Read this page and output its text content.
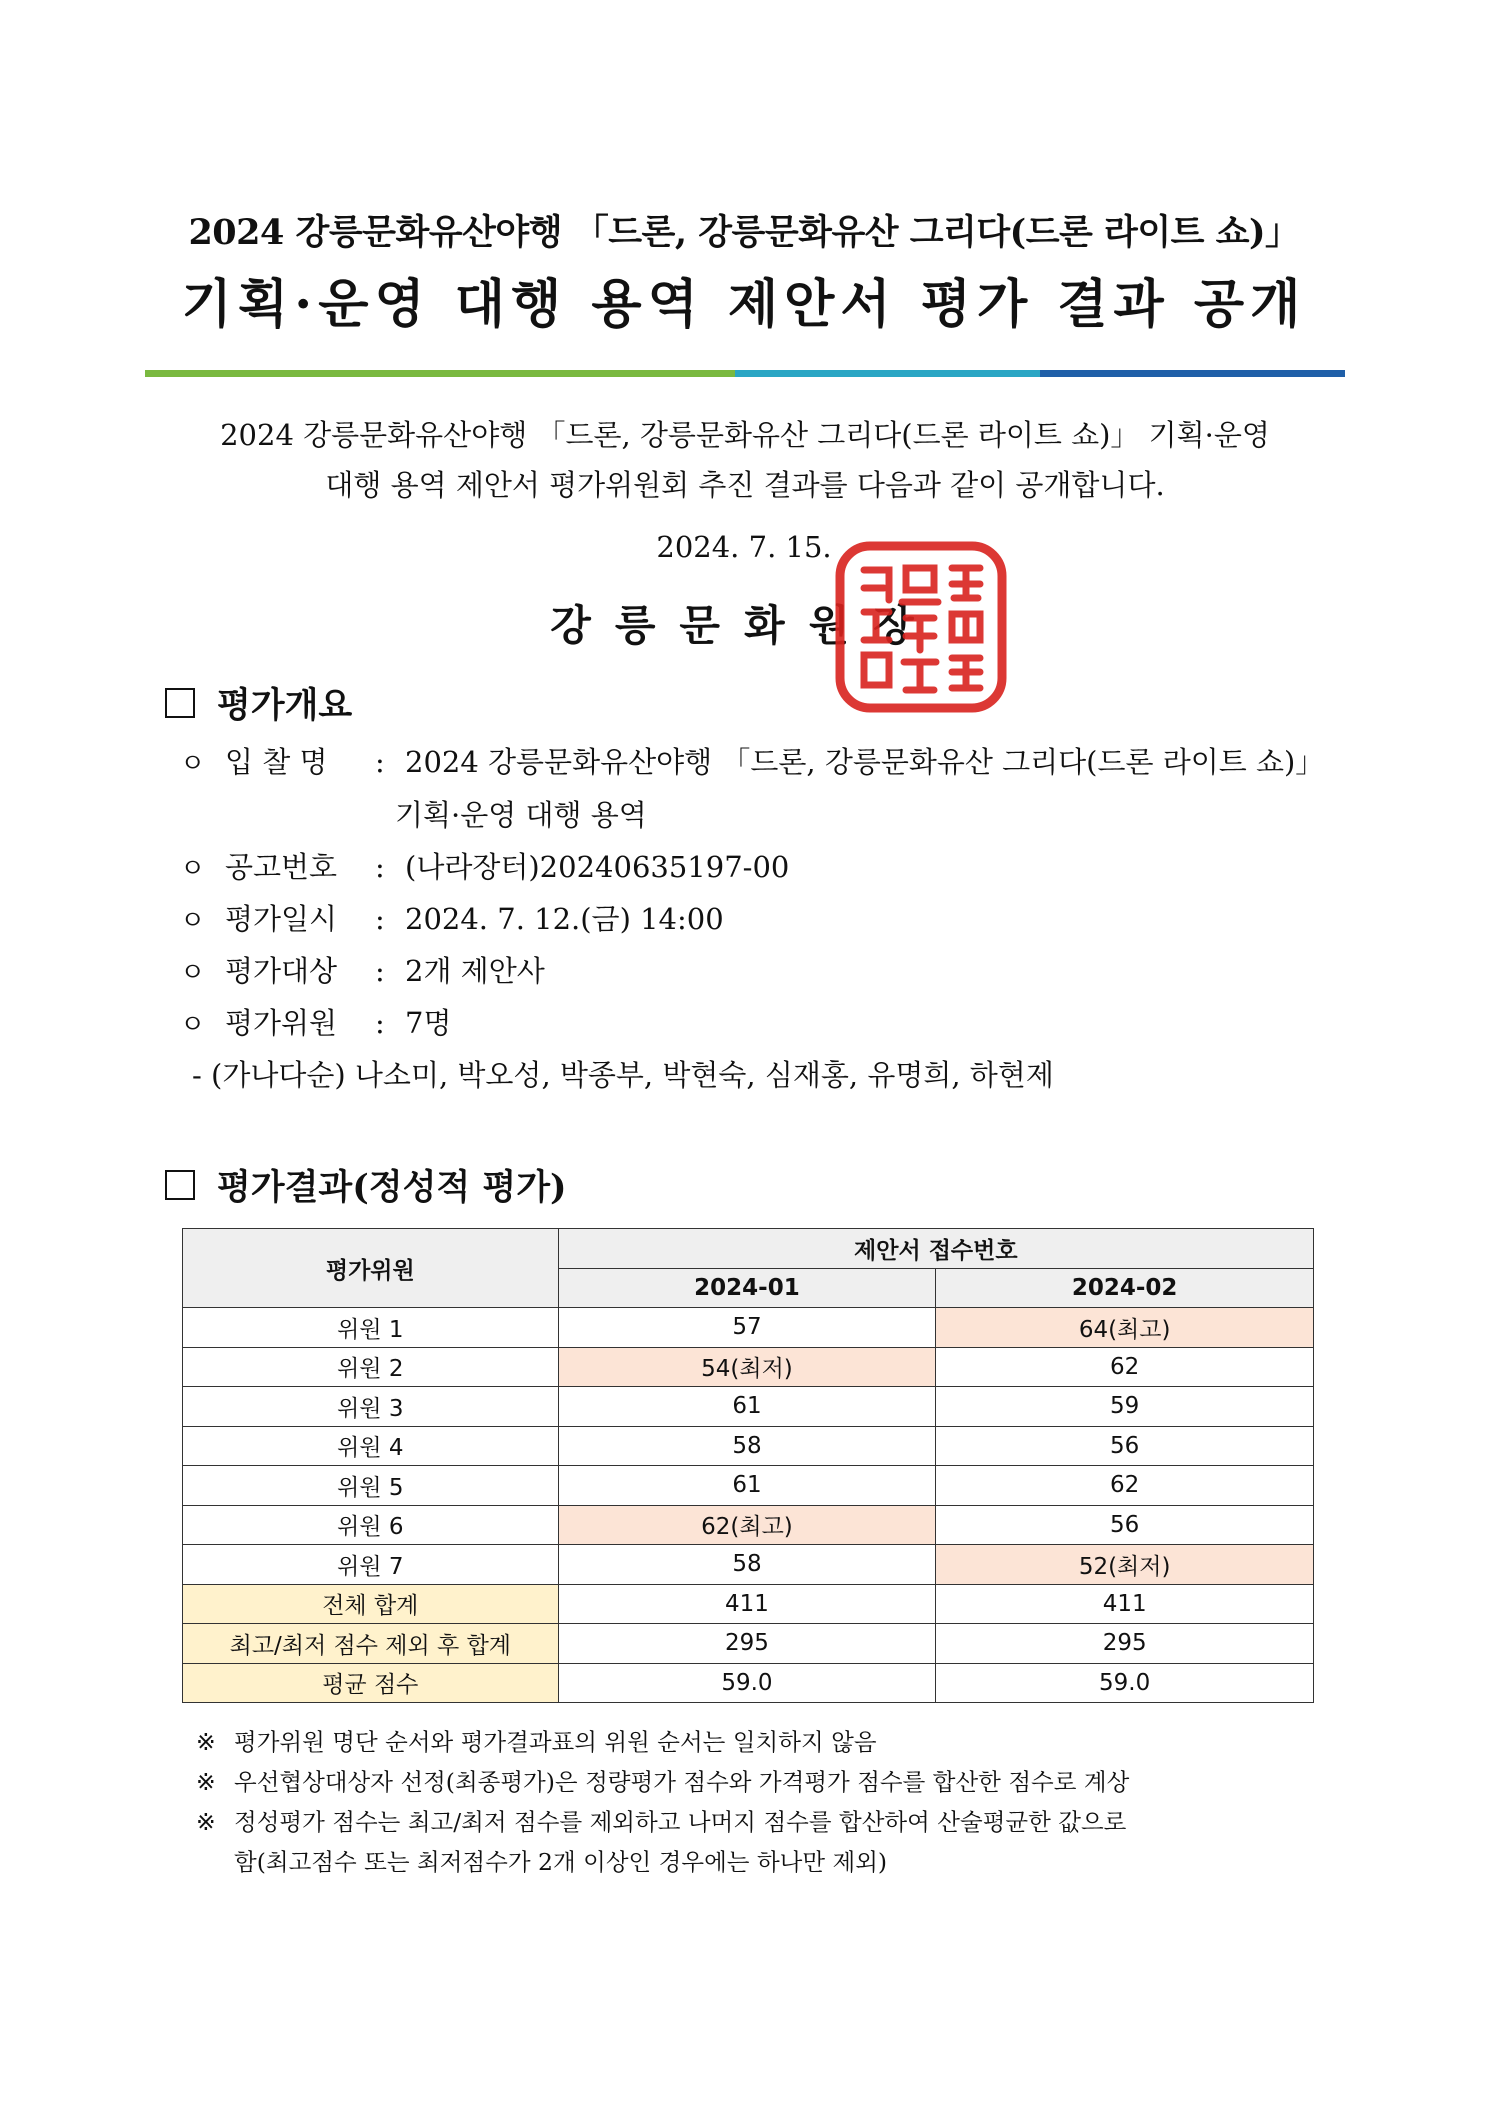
2024 강릉문화유산야행 「드론, 강릉문화유산 그리다(드론 라이트 쇼)」
기획·운영 대행 용역 제안서 평가 결과 공개
2024 강릉문화유산야행 「드론, 강릉문화유산 그리다(드론 라이트 쇼)」 기획·운영
대행 용역 제안서 평가위원회 추진 결과를 다음과 같이 공개합니다.
2024. 7. 15.
강릉문화원장
평가개요
ㅇ 입 찰 명	: 2024 강릉문화유산야행 「드론, 강릉문화유산 그리다(드론 라이트 쇼)」
기획·운영 대행 용역
ㅇ 공고번호	: (나라장터)20240635197-00
ㅇ 평가일시	: 2024. 7. 12.(금) 14:00
ㅇ 평가대상	: 2개 제안사
ㅇ 평가위원	: 7명
- (가나다순) 나소미, 박오성, 박종부, 박현숙, 심재홍, 유명희, 하현제
평가결과(정성적 평가)
평가위원	제안서 접수번호	
	2024-01	2024-02
위원 1	57	64(최고)
위원 2	54(최저)	62
위원 3	61	59
위원 4	58	56
위원 5	61	62
위원 6	62(최고)	56
위원 7	58	52(최저)
전체 합계	411	411
최고/최저 점수 제외 후 합계	295	295
평균 점수	59.0	59.0
※ 평가위원 명단 순서와 평가결과표의 위원 순서는 일치하지 않음
※ 우선협상대상자 선정(최종평가)은 정량평가 점수와 가격평가 점수를 합산한 점수로 계상
※ 정성평가 점수는 최고/최저 점수를 제외하고 나머지 점수를 합산하여 산술평균한 값으로
함(최고점수 또는 최저점수가 2개 이상인 경우에는 하나만 제외)
